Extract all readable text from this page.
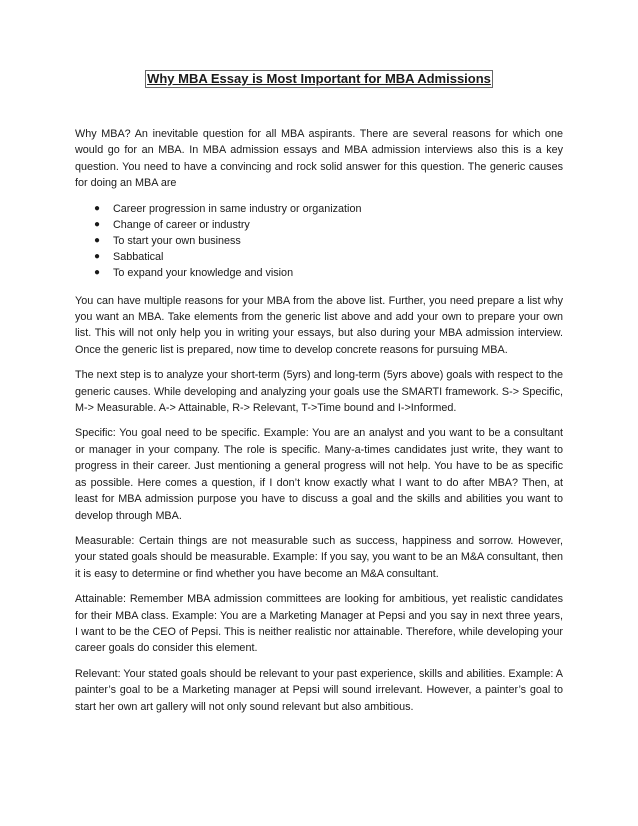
Why MBA Essay is Most Important for MBA Admissions

Why MBA? An inevitable question for all MBA aspirants. There are several reasons for which one would go for an MBA. In MBA admission essays and MBA admission interviews also this is a key question. You need to have a convincing and rock solid answer for this question. The generic causes for doing an MBA are

● Career progression in same industry or organization
● Change of career or industry
● To start your own business
● Sabbatical
● To expand your knowledge and vision

You can have multiple reasons for your MBA from the above list. Further, you need prepare a list why you want an MBA. Take elements from the generic list above and add your own to prepare your own list. This will not only help you in writing your essays, but also during your MBA admission interview. Once the generic list is prepared, now time to develop concrete reasons for pursuing MBA.

The next step is to analyze your short-term (5yrs) and long-term (5yrs above) goals with respect to the generic causes. While developing and analyzing your goals use the SMARTI framework. S-> Specific, M-> Measurable. A-> Attainable, R-> Relevant, T->Time bound and I->Informed.

Specific: You goal need to be specific. Example: You are an analyst and you want to be a consultant or manager in your company. The role is specific. Many-a-times candidates just write, they want to progress in their career. Just mentioning a general progress will not help. You have to be as specific as possible. Here comes a question, if I don’t know exactly what I want to do after MBA? Then, at least for MBA admission purpose you have to discuss a goal and the skills and abilities you want to develop through MBA.

Measurable: Certain things are not measurable such as success, happiness and sorrow. However, your stated goals should be measurable. Example: If you say, you want to be an M&A consultant, then it is easy to determine or find whether you have become an M&A consultant.

Attainable: Remember MBA admission committees are looking for ambitious, yet realistic candidates for their MBA class. Example: You are a Marketing Manager at Pepsi and you say in next three years, I want to be the CEO of Pepsi. This is neither realistic nor attainable. Therefore, while developing your career goals do consider this element.

Relevant: Your stated goals should be relevant to your past experience, skills and abilities. Example: A painter’s goal to be a Marketing manager at Pepsi will sound irrelevant. However, a painter’s goal to start her own art gallery will not only sound relevant but also ambitious.
